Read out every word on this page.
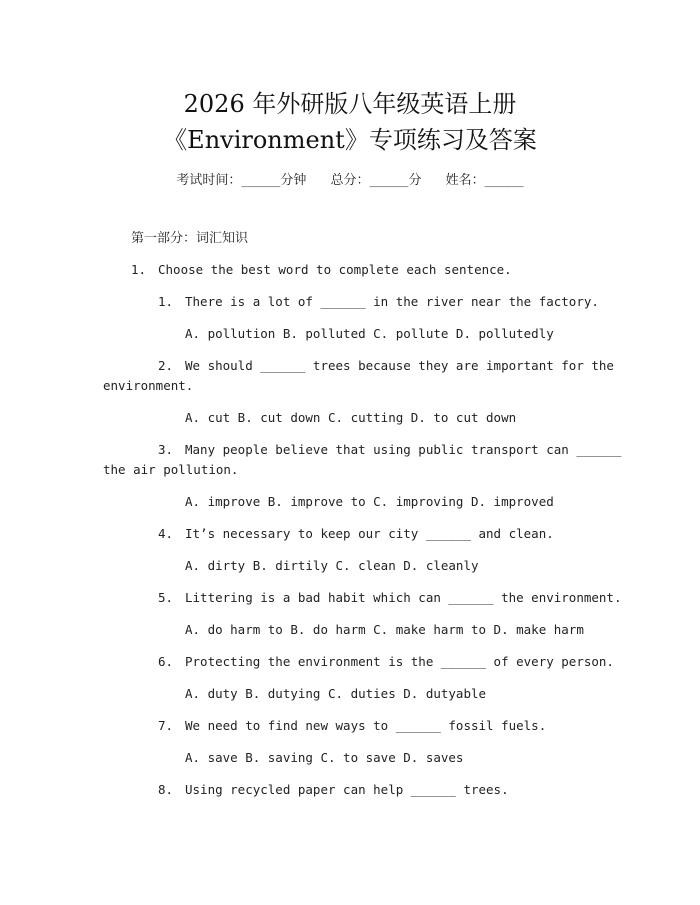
2026 年外研版八年级英语上册
《Environment》专项练习及答案
考试时间：______分钟 总分：______分 姓名：______
第一部分：词汇知识
1. Choose the best word to complete each sentence.
1. There is a lot of ______ in the river near the factory.
A. pollution B. polluted C. pollute D. pollutedly
2. We should ______ trees because they are important for the
environment.
A. cut B. cut down C. cutting D. to cut down
3. Many people believe that using public transport can ______
the air pollution.
A. improve B. improve to C. improving D. improved
4. It’s necessary to keep our city ______ and clean.
A. dirty B. dirtily C. clean D. cleanly
5. Littering is a bad habit which can ______ the environment.
A. do harm to B. do harm C. make harm to D. make harm
6. Protecting the environment is the ______ of every person.
A. duty B. dutying C. duties D. dutyable
7. We need to find new ways to ______ fossil fuels.
A. save B. saving C. to save D. saves
8. Using recycled paper can help ______ trees.
